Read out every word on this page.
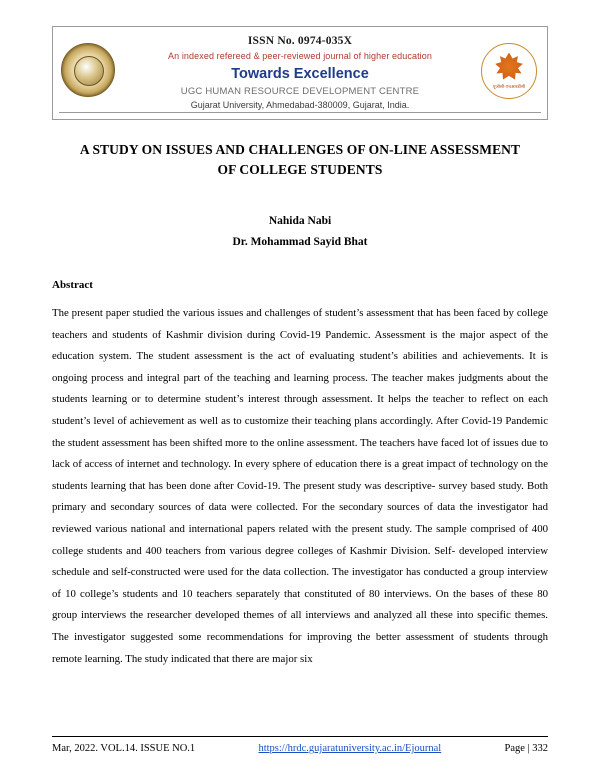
यूजीसी-एचआरडीसी
ISSN No. 0974-035X
An indexed refereed & peer-reviewed journal of higher education
Towards Excellence
UGC HUMAN RESOURCE DEVELOPMENT CENTRE
Gujarat University, Ahmedabad-380009, Gujarat, India.
A STUDY ON ISSUES AND CHALLENGES OF ON-LINE ASSESSMENT
OF COLLEGE STUDENTS
Nahida Nabi
Dr. Mohammad Sayid Bhat
Abstract
The present paper studied the various issues and challenges of student’s assessment that has been faced by college teachers and students of Kashmir division during Covid-19 Pandemic. Assessment is the major aspect of the education system. The student assessment is the act of evaluating student’s abilities and achievements. It is ongoing process and integral part of the teaching and learning process. The teacher makes judgments about the students learning or to determine student’s interest through assessment. It helps the teacher to reflect on each student’s level of achievement as well as to customize their teaching plans accordingly. After Covid-19 Pandemic the student assessment has been shifted more to the online assessment. The teachers have faced lot of issues due to lack of access of internet and technology. In every sphere of education there is a great impact of technology on the students learning that has been done after Covid-19. The present study was descriptive- survey based study. Both primary and secondary sources of data were collected. For the secondary sources of data the investigator had reviewed various national and international papers related with the present study. The sample comprised of 400 college students and 400 teachers from various degree colleges of Kashmir Division. Self- developed interview schedule and self-constructed were used for the data collection. The investigator has conducted a group interview of 10 college’s students and 10 teachers separately that constituted of 80 interviews. On the bases of these 80 group interviews the researcher developed themes of all interviews and analyzed all these into specific themes. The investigator suggested some recommendations for improving the better assessment of students through remote learning. The study indicated that there are major six
Mar, 2022. VOL.14. ISSUE NO.1	https://hrdc.gujaratuniversity.ac.in/Ejournal	Page | 332
